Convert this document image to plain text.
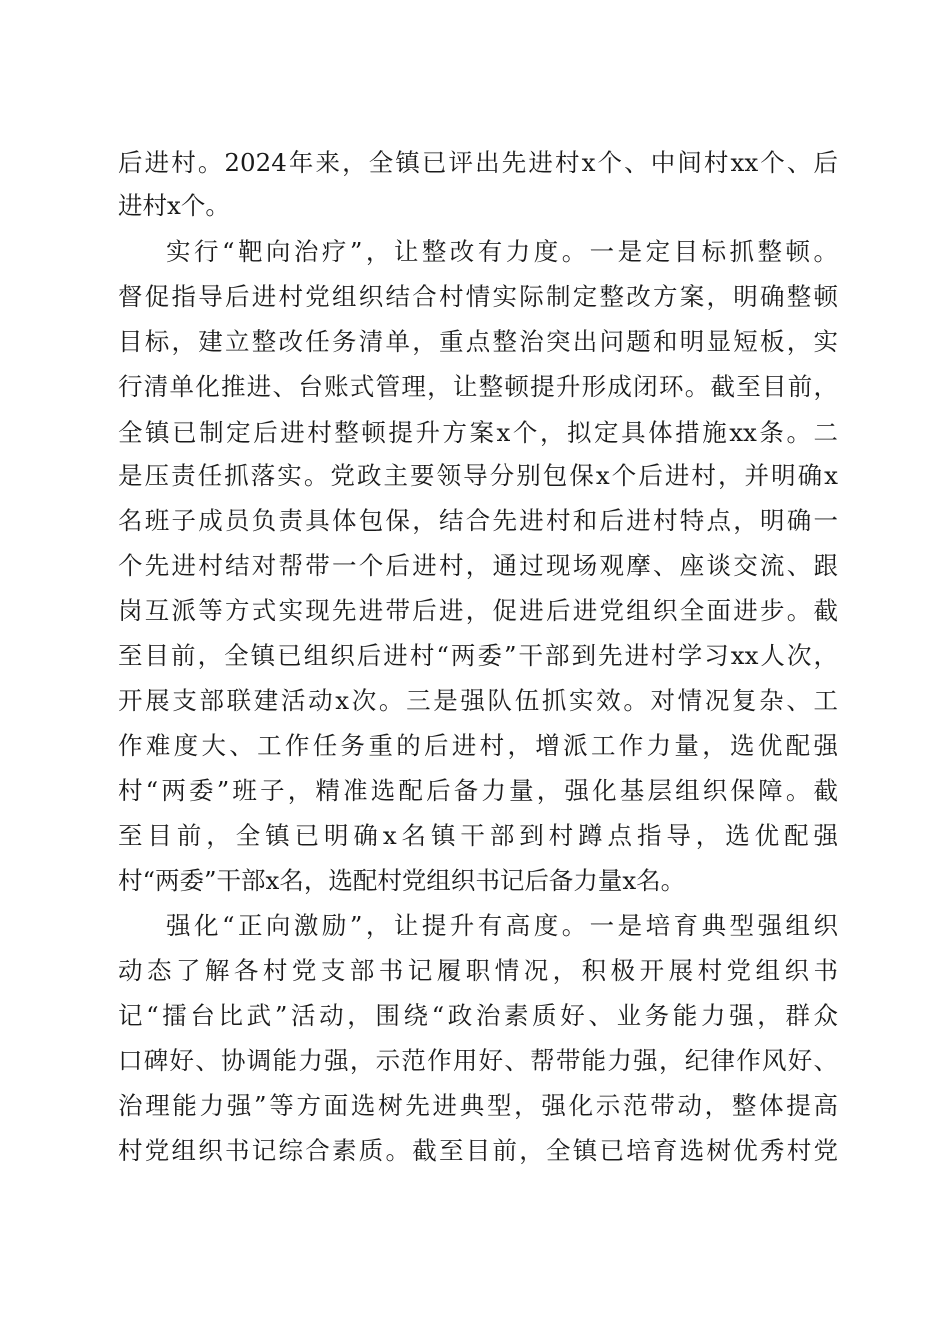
后进村。2024年来，全镇已评出先进村x个、中间村xx个、后
进村x个。
实行“靶向治疗”，让整改有力度。一是定目标抓整顿。
督促指导后进村党组织结合村情实际制定整改方案，明确整顿
目标，建立整改任务清单，重点整治突出问题和明显短板，实
行清单化推进、台账式管理，让整顿提升形成闭环。截至目前，
全镇已制定后进村整顿提升方案x个，拟定具体措施xx条。二
是压责任抓落实。党政主要领导分别包保x个后进村，并明确x
名班子成员负责具体包保，结合先进村和后进村特点，明确一
个先进村结对帮带一个后进村，通过现场观摩、座谈交流、跟
岗互派等方式实现先进带后进，促进后进党组织全面进步。截
至目前，全镇已组织后进村“两委”干部到先进村学习xx人次，
开展支部联建活动x次。三是强队伍抓实效。对情况复杂、工
作难度大、工作任务重的后进村，增派工作力量，选优配强
村“两委”班子，精准选配后备力量，强化基层组织保障。截
至目前，全镇已明确x名镇干部到村蹲点指导，选优配强
村“两委”干部x名，选配村党组织书记后备力量x名。
强化“正向激励”，让提升有高度。一是培育典型强组织
动态了解各村党支部书记履职情况，积极开展村党组织书
记“擂台比武”活动，围绕“政治素质好、业务能力强，群众
口碑好、协调能力强，示范作用好、帮带能力强，纪律作风好、
治理能力强”等方面选树先进典型，强化示范带动，整体提高
村党组织书记综合素质。截至目前，全镇已培育选树优秀村党
